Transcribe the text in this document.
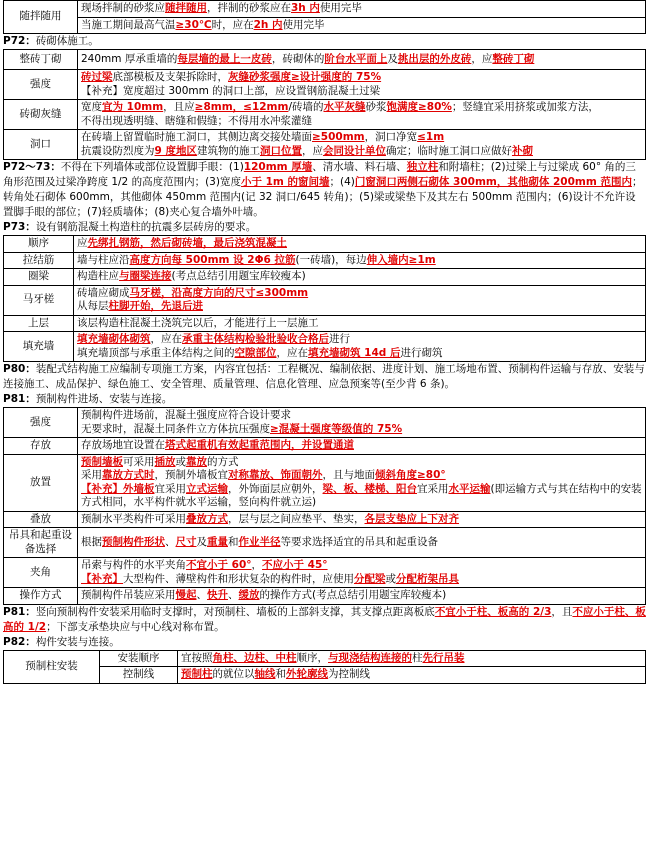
随拌随用	现场拌制的砂浆应随拌随用，拌制的砂浆应在3h 内使用完毕
当施工期间最高气温≥30℃时，应在2h 内使用完毕
P72：砖砌体施工。
整砖丁砌	240mm 厚承重墙的每层墙的最上一皮砖，砖砌体的阶台水平面上及挑出层的外皮砖，应整砖丁砌
强度	砖过梁底部模板及支架拆除时，灰缝砂浆强度≥设计强度的 75%
【补充】宽度超过 300mm 的洞口上部，应设置钢筋混凝土过梁

砖砌灰缝	宽度宜为 10mm，且应≥8mm，≤12mm/砖墙的水平灰缝砂浆饱满度≥80%；竖缝宜采用挤浆或加浆方法，
不得出现透明缝、瞎缝和假缝；不得用水冲浆灌缝

洞口	在砖墙上留置临时施工洞口，其侧边离交接处墙面≥500mm，洞口净宽≤1m
抗震设防烈度为9 度地区建筑物的施工洞口位置，应会同设计单位确定；临时施工洞口应做好补砌
P72～73：不得在下列墙体或部位设置脚手眼：(1)120mm 厚墙、清水墙、料石墙、独立柱和附墙柱；(2)过梁上与过梁成 60° 角的三角形范围及过梁净跨度 1/2 的高度范围内；(3)宽度小于 1m 的窗间墙；(4)门窗洞口两侧石砌体 300mm，其他砌体 200mm 范围内；转角处石砌体 600mm，其他砌体 450mm 范围内(记 32 洞口/645 转角)；(5)梁或梁垫下及其左右 500mm 范围内；(6)设计不允许设置脚手眼的部位；(7)轻质墙体；(8)夹心复合墙外叶墙。
P73：设有钢筋混凝土构造柱的抗震多层砖房的要求。
顺序	应先绑扎钢筋，然后砌砖墙，最后浇筑混凝土
拉结筋	墙与柱应沿高度方向每 500mm 设 2Φ6 拉筋(一砖墙)，每边伸入墙内≥1m
圈梁	构造柱应与圈梁连接(考点总结引用题宝库较瘦本)
马牙槎	砖墙应砌成马牙槎，沿高度方向的尺寸≤300mm
从每层柱脚开始，先退后进

上层	该层构造柱混凝土浇筑完以后，才能进行上一层施工
填充墙	填充墙砌体砌筑，应在承重主体结构检验批验收合格后进行
填充墙顶部与承重主体结构之间的空隙部位，应在填充墙砌筑 14d 后进行砌筑
P80：装配式结构施工应编制专项施工方案，内容宜包括：工程概况、编制依据、进度计划、施工场地布置、预制构件运输与存放、安装与连接施工、成品保护、绿色施工、安全管理、质量管理、信息化管理、应急预案等(至少背 6 条)。
P81：预制构件进场、安装与连接。
强度	预制构件进场前，混凝土强度应符合设计要求
无要求时，混凝土同条件立方体抗压强度≥混凝土强度等级值的 75%

存放	存放场地宜设置在塔式起重机有效起重范围内，并设置通道
放置	预制墙板可采用插放或靠放的方式
采用靠放方式时，预制外墙板宜对称靠放、饰面朝外，且与地面倾斜角度≥80°
【补充】外墙板宜采用立式运输，外饰面层应朝外，梁、板、楼梯、阳台宜采用水平运输(即运输方式与其在结构中的安装方式相同，水平构件就水平运输，竖向构件就立运)

叠放	预制水平类构件可采用叠放方式，层与层之间应垫平、垫实，各层支垫应上下对齐
吊具和起重设备选择	根据预制构件形状、尺寸及重量和作业半径等要求选择适宜的吊具和起重设备
夹角	吊索与构件的水平夹角不宜小于 60°，不应小于 45°
【补充】大型构件、薄壁构件和形状复杂的构件时，应使用分配梁或分配桁架吊具

操作方式	预制构件吊装应采用慢起、快升、缓放的操作方式(考点总结引用题宝库较瘦本)
P81：竖向预制构件安装采用临时支撑时，对预制柱、墙板的上部斜支撑，其支撑点距离板底不宜小于柱、板高的 2/3，且不应小于柱、板高的 1/2；下部支承垫块应与中心线对称布置。
P82：构件安装与连接。
预制柱安装	安装顺序	宜按照角柱、边柱、中柱顺序，与现浇结构连接的柱先行吊装
	控制线	预制柱的就位以轴线和外轮廓线为控制线
